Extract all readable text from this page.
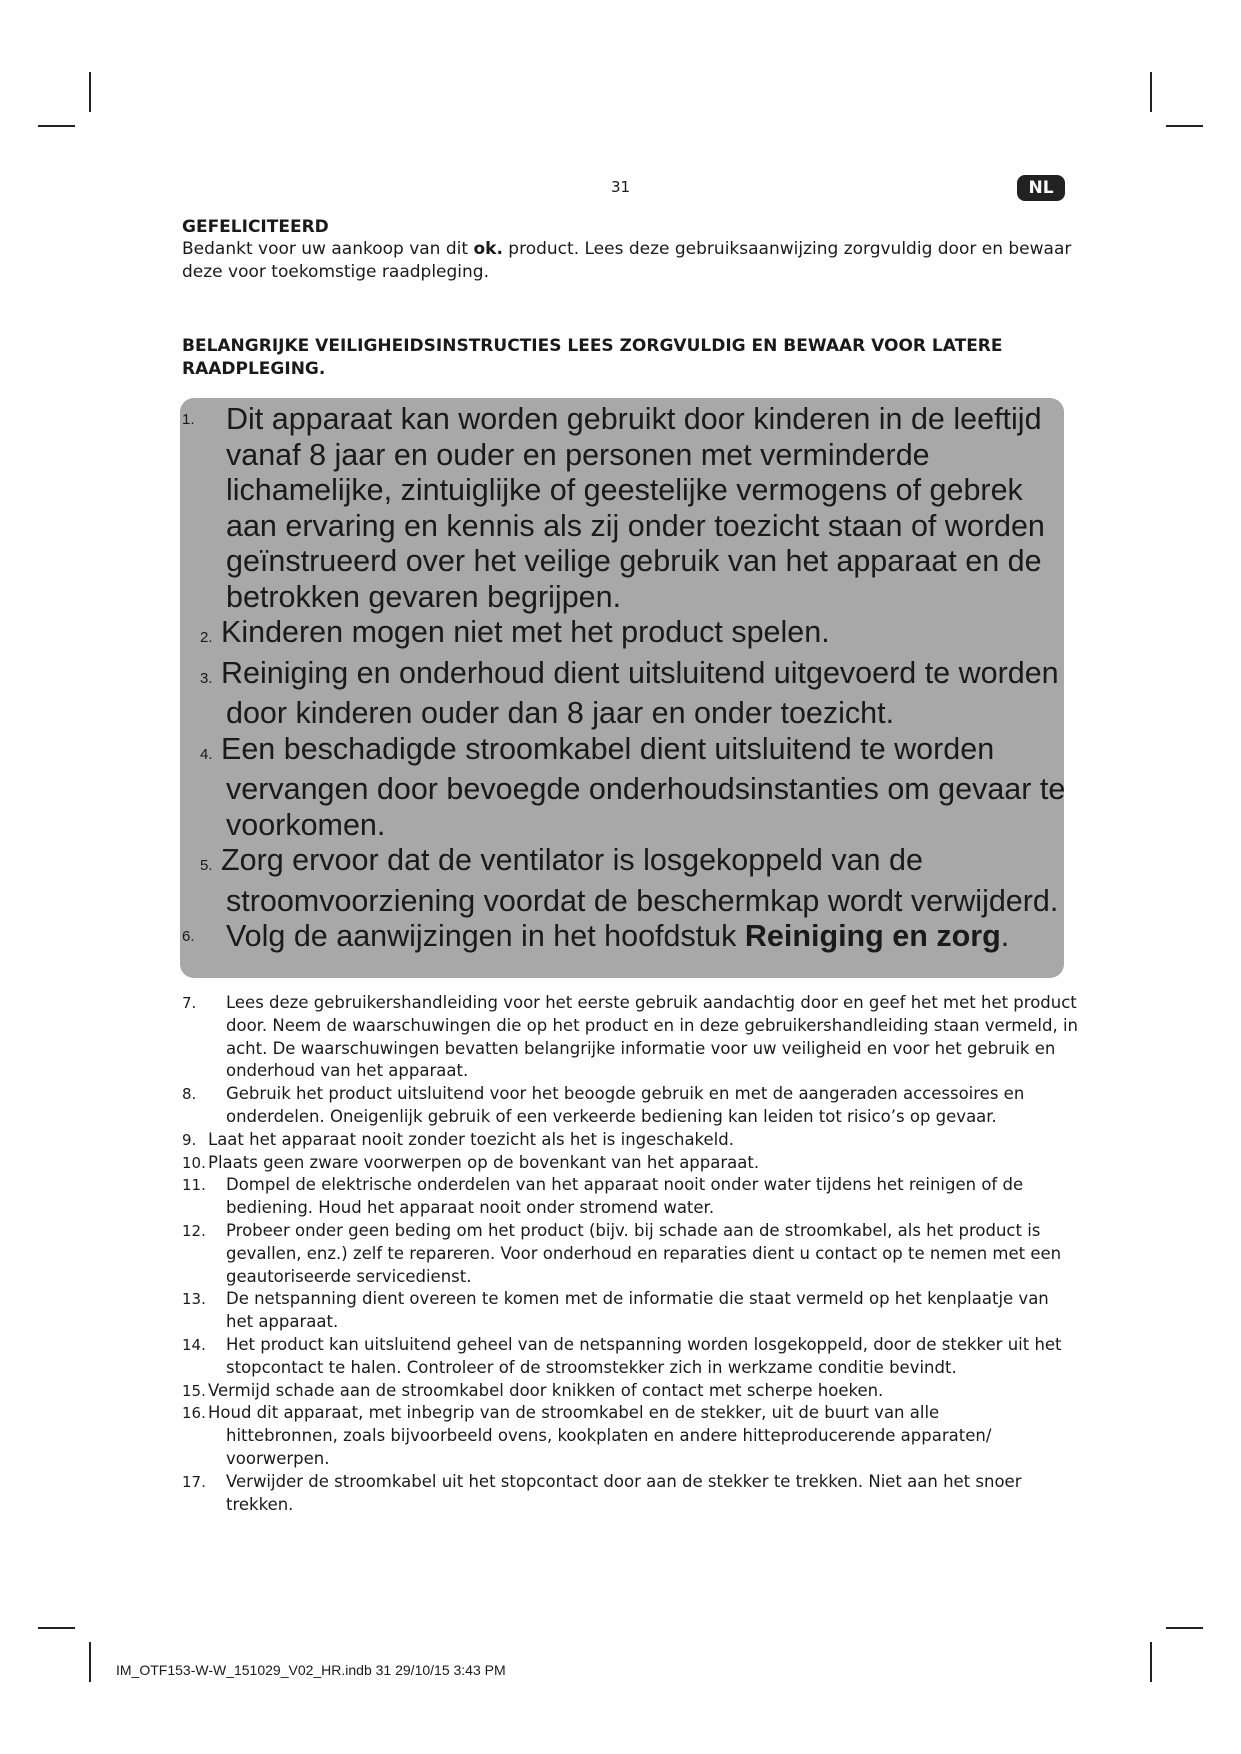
31	NL
GEFELICITEERD
Bedankt voor uw aankoop van dit ok. product. Lees deze gebruiksaanwijzing zorgvuldig door en bewaar deze voor toekomstige raadpleging.
BELANGRIJKE VEILIGHEIDSINSTRUCTIES LEES ZORGVULDIG EN BEWAAR VOOR LATERE RAADPLEGING.
1. Dit apparaat kan worden gebruikt door kinderen in de leeftijd vanaf 8 jaar en ouder en personen met verminderde lichamelijke, zintuiglijke of geestelijke vermogens of gebrek aan ervaring en kennis als zij onder toezicht staan of worden geïnstrueerd over het veilige gebruik van het apparaat en de betrokken gevaren begrijpen.
2. Kinderen mogen niet met het product spelen.
3. Reiniging en onderhoud dient uitsluitend uitgevoerd te worden door kinderen ouder dan 8 jaar en onder toezicht.
4. Een beschadigde stroomkabel dient uitsluitend te worden vervangen door bevoegde onderhoudsinstanties om gevaar te voorkomen.
5. Zorg ervoor dat de ventilator is losgekoppeld van de stroomvoorziening voordat de beschermkap wordt verwijderd.
6. Volg de aanwijzingen in het hoofdstuk Reiniging en zorg.
7. Lees deze gebruikershandleiding voor het eerste gebruik aandachtig door en geef het met het product door. Neem de waarschuwingen die op het product en in deze gebruikershandleiding staan vermeld, in acht. De waarschuwingen bevatten belangrijke informatie voor uw veiligheid en voor het gebruik en onderhoud van het apparaat.
8. Gebruik het product uitsluitend voor het beoogde gebruik en met de aangeraden accessoires en onderdelen. Oneigenlijk gebruik of een verkeerde bediening kan leiden tot risico’s op gevaar.
9. Laat het apparaat nooit zonder toezicht als het is ingeschakeld.
10. Plaats geen zware voorwerpen op de bovenkant van het apparaat.
11. Dompel de elektrische onderdelen van het apparaat nooit onder water tijdens het reinigen of de bediening. Houd het apparaat nooit onder stromend water.
12. Probeer onder geen beding om het product (bijv. bij schade aan de stroomkabel, als het product is gevallen, enz.) zelf te repareren. Voor onderhoud en reparaties dient u contact op te nemen met een geautoriseerde servicedienst.
13. De netspanning dient overeen te komen met de informatie die staat vermeld op het kenplaatje van het apparaat.
14. Het product kan uitsluitend geheel van de netspanning worden losgekoppeld, door de stekker uit het stopcontact te halen. Controleer of de stroomstekker zich in werkzame conditie bevindt.
15. Vermijd schade aan de stroomkabel door knikken of contact met scherpe hoeken.
16. Houd dit apparaat, met inbegrip van de stroomkabel en de stekker, uit de buurt van alle
hittebronnen, zoals bijvoorbeeld ovens, kookplaten en andere hitteproducerende apparaten/ voorwerpen.
17. Verwijder de stroomkabel uit het stopcontact door aan de stekker te trekken. Niet aan het snoer trekken.
IM_OTF153-W-W_151029_V02_HR.indb 31 29/10/15 3:43 PM
